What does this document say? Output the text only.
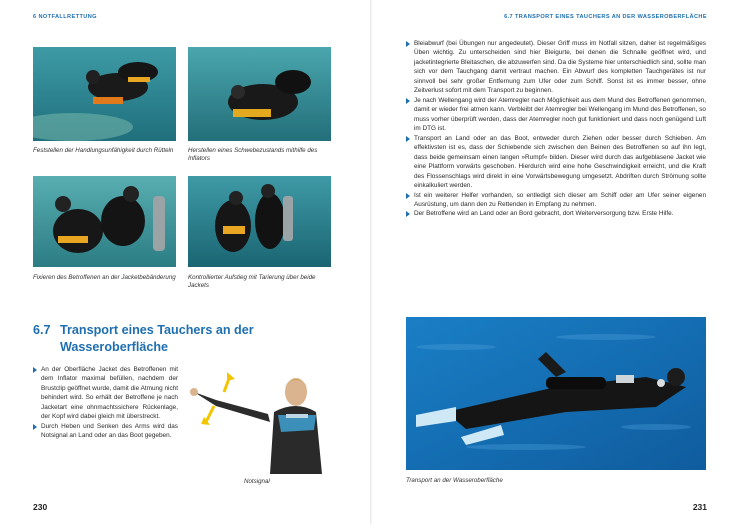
6 NOTFALLRETTUNG
Feststellen der Handlungsunfähigkeit durch Rütteln	Herstellen eines Schwebezustands mithilfe des Inflators
Fixieren des Betroffenen an der Jacketbebänderung	Kontrollierter Aufstieg mit Tarierung über beide Jackets
6.7 Transport eines Tauchers an der
Wasseroberfläche
An der Oberfläche Jacket des Betroffenen mit dem Inflator maximal befüllen, nachdem der Brustclip geöffnet wurde, damit die Atmung nicht behindert wird. So erhält der Betroffene je nach Jacketart eine ohnmachtssichere Rückenlage, der Kopf wird dabei gleich mit überstreckt.
Durch Heben und Senken des Arms wird das Notsignal an Land oder an das Boot gegeben.
Notsignal
230
6.7 TRANSPORT EINES TAUCHERS AN DER WASSEROBERFLÄCHE
Bleiabwurf (bei Übungen nur angedeutet). Dieser Griff muss im Notfall sitzen, daher ist regelmäßiges Üben wichtig. Zu unterscheiden sind hier Bleigurte, bei denen die Schnalle geöffnet wird, und jacketintegrierte Bleitaschen, die abzuwerfen sind. Da die Systeme hier unterschiedlich sind, sollte man sich vor dem Tauchgang damit vertraut machen. Ein Abwurf des kompletten Tauchgerätes ist nur sinnvoll bei sehr großer Entfernung zum Ufer oder zum Schiff. Sonst ist es immer besser, ohne Zeitverlust sofort mit dem Transport zu beginnen.
Je nach Wellengang wird der Atemregler nach Möglichkeit aus dem Mund des Betroffenen genommen, damit er wieder frei atmen kann. Verbleibt der Atemregler bei Wellengang im Mund des Betroffenen, so muss vorher überprüft werden, dass der Atemregler noch gut funktioniert und dass noch genügend Luft im DTG ist.
Transport an Land oder an das Boot, entweder durch Ziehen oder besser durch Schieben. Am effektivsten ist es, dass der Schiebende sich zwischen den Beinen des Betroffenen so auf ihn legt, dass beide gemeinsam einen langen »Rumpf« bilden. Dieser wird durch das aufgeblasene Jacket wie eine Plattform vorwärts geschoben. Hierdurch wird eine hohe Geschwindigkeit erreicht, und die Kraft des Flossenschlags wird direkt in eine Vorwärtsbewegung umgesetzt. Abdriften durch Strömung sollte einkalkuliert werden.
Ist ein weiterer Helfer vorhanden, so entledigt sich dieser am Schiff oder am Ufer seiner eigenen Ausrüstung, um dann den zu Rettenden in Empfang zu nehmen.
Der Betroffene wird an Land oder an Bord gebracht, dort Weiterversorgung bzw. Erste Hilfe.
Transport an der Wasseroberfläche
231
